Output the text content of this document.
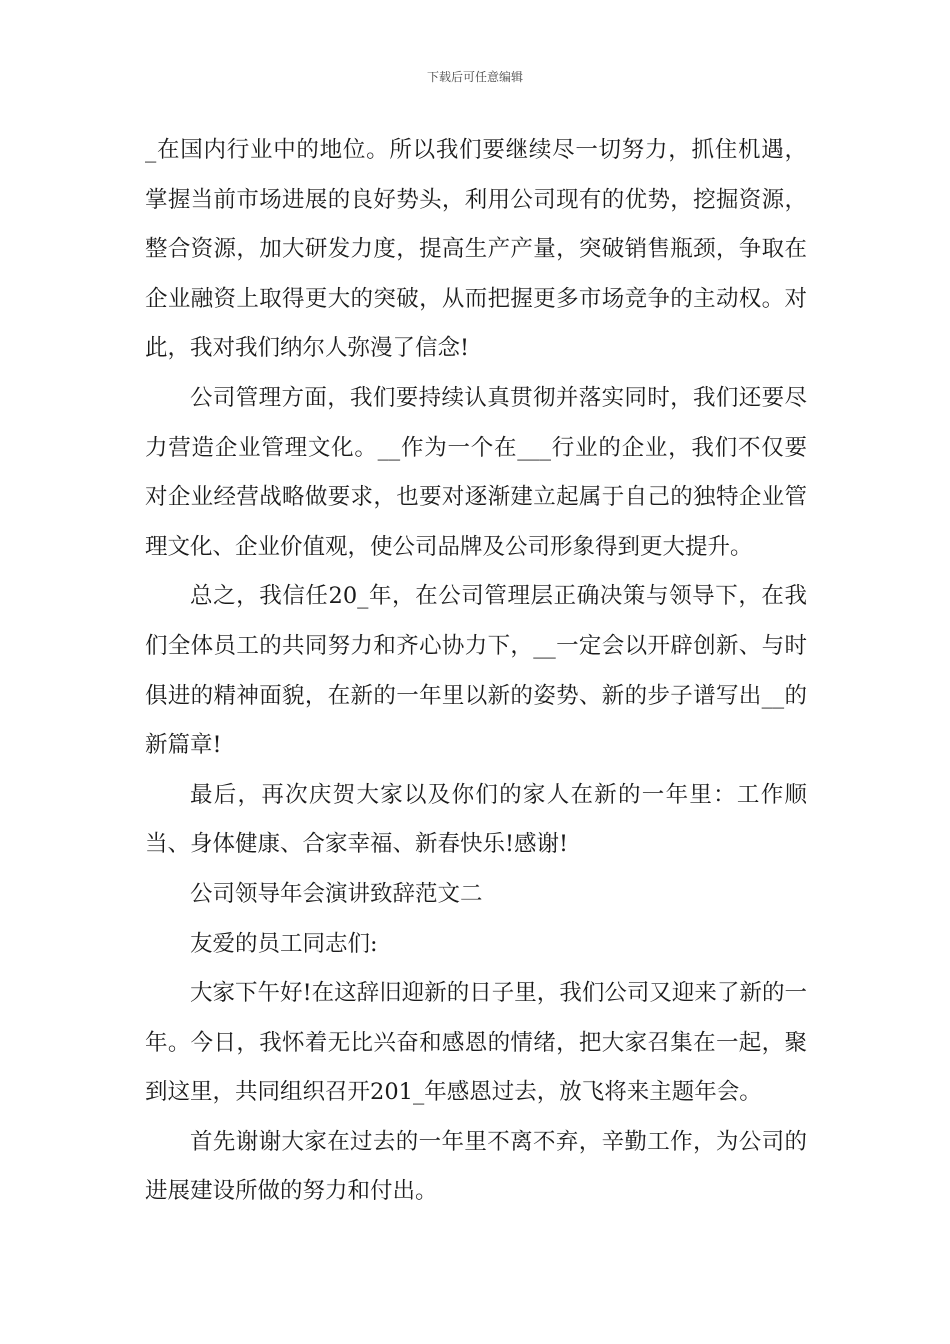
下载后可任意编辑

_在国内行业中的地位。所以我们要继续尽一切努力，抓住机遇，掌握当前市场进展的良好势头，利用公司现有的优势，挖掘资源，整合资源，加大研发力度，提高生产产量，突破销售瓶颈，争取在企业融资上取得更大的突破，从而把握更多市场竞争的主动权。对此，我对我们纳尔人弥漫了信念!

公司管理方面，我们要持续认真贯彻并落实同时，我们还要尽力营造企业管理文化。__作为一个在___行业的企业，我们不仅要对企业经营战略做要求，也要对逐渐建立起属于自己的独特企业管理文化、企业价值观，使公司品牌及公司形象得到更大提升。

总之，我信任20_年，在公司管理层正确决策与领导下，在我们全体员工的共同努力和齐心协力下，__一定会以开辟创新、与时俱进的精神面貌，在新的一年里以新的姿势、新的步子谱写出__的新篇章!

最后，再次庆贺大家以及你们的家人在新的一年里：工作顺当、身体健康、合家幸福、新春快乐!感谢!

公司领导年会演讲致辞范文二

友爱的员工同志们:

大家下午好!在这辞旧迎新的日子里，我们公司又迎来了新的一年。今日，我怀着无比兴奋和感恩的情绪，把大家召集在一起，聚到这里，共同组织召开201_年感恩过去，放飞将来主题年会。

首先谢谢大家在过去的一年里不离不弃，辛勤工作，为公司的进展建设所做的努力和付出。
